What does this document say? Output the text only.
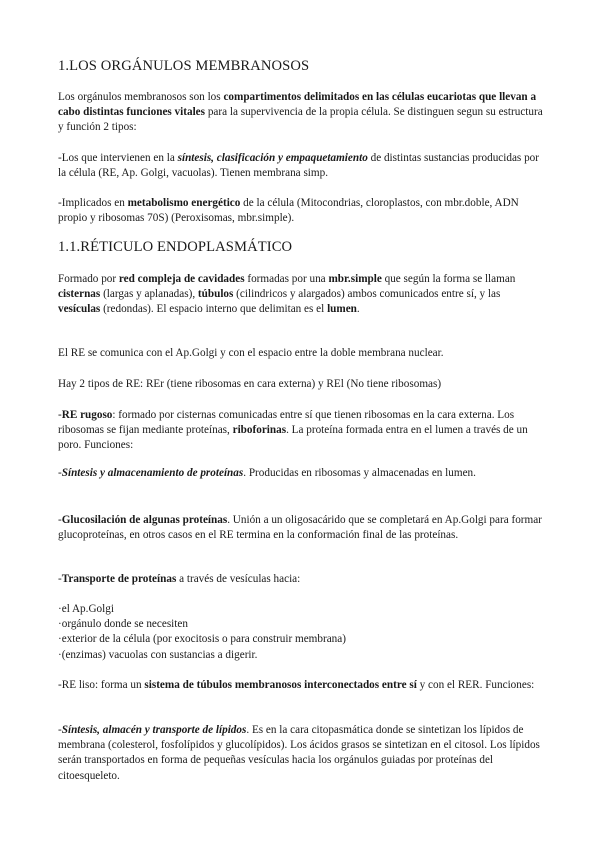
1.LOS ORGÁNULOS MEMBRANOSOS

Los orgánulos membranosos son los compartimentos delimitados en las células eucariotas que llevan a cabo distintas funciones vitales para la supervivencia de la propia célula. Se distinguen segun su estructura y función 2 tipos:

-Los que intervienen en la síntesis, clasificación y empaquetamiento de distintas sustancias producidas por la célula (RE, Ap. Golgi, vacuolas). Tienen membrana simp.

-Implicados en metabolismo energético de la célula (Mitocondrias, cloroplastos, con mbr.doble, ADN propio y ribosomas 70S) (Peroxisomas, mbr.simple).

1.1.RÉTICULO ENDOPLASMÁTICO

Formado por red compleja de cavidades formadas por una mbr.simple que según la forma se llaman cisternas (largas y aplanadas), túbulos (cilindricos y alargados) ambos comunicados entre sí, y las vesículas (redondas). El espacio interno que delimitan es el lumen.

El RE se comunica con el Ap.Golgi y con el espacio entre la doble membrana nuclear.

Hay 2 tipos de RE: REr (tiene ribosomas en cara externa) y REl (No tiene ribosomas)

-RE rugoso: formado por cisternas comunicadas entre sí que tienen ribosomas en la cara externa. Los ribosomas se fijan mediante proteínas, riboforinas. La proteína formada entra en el lumen a través de un poro. Funciones:

-Síntesis y almacenamiento de proteínas. Producidas en ribosomas y almacenadas en lumen.

-Glucosilación de algunas proteínas. Unión a un oligosacárido que se completará en Ap.Golgi para formar glucoproteínas, en otros casos en el RE termina en la conformación final de las proteínas.

-Transporte de proteínas a través de vesículas hacia:

·el Ap.Golgi
·orgánulo donde se necesiten
·exterior de la célula (por exocitosis o para construir membrana)
·(enzimas) vacuolas con sustancias a digerir.

-RE liso: forma un sistema de túbulos membranosos interconectados entre sí y con el RER. Funciones:

-Síntesis, almacén y transporte de lípidos. Es en la cara citopasmática donde se sintetizan los lípidos de membrana (colesterol, fosfolípidos y glucolípidos). Los ácidos grasos se sintetizan en el citosol. Los lípidos serán transportados en forma de pequeñas vesículas hacia los orgánulos guiadas por proteínas del citoesqueleto.
